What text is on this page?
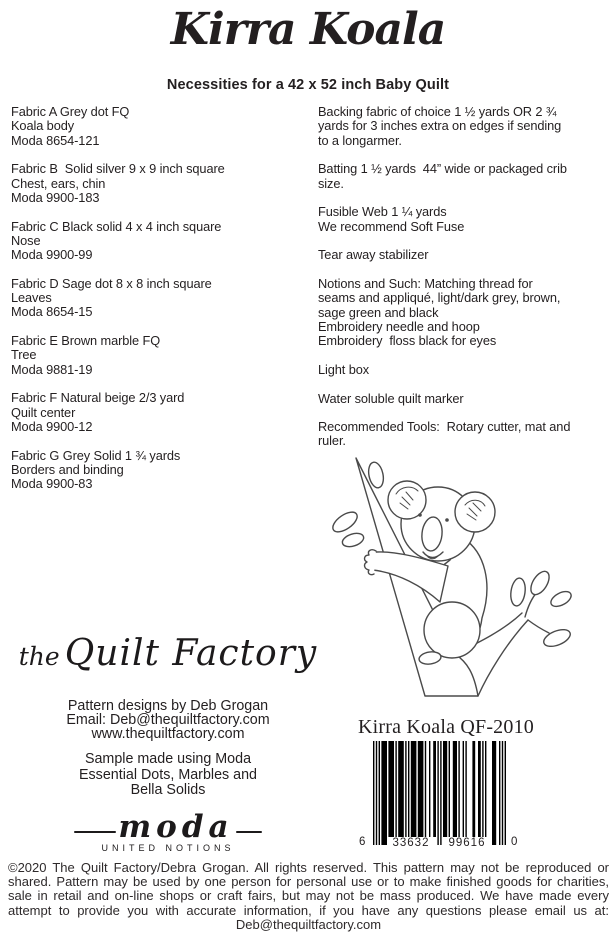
Kirra Koala
Necessities for a 42 x 52 inch Baby Quilt
Fabric A Grey dot FQ
Koala body
Moda 8654-121
Fabric B  Solid silver 9 x 9 inch square
Chest, ears, chin
Moda 9900-183
Fabric C Black solid 4 x 4 inch square
Nose
Moda 9900-99
Fabric D Sage dot 8 x 8 inch square
Leaves
Moda 8654-15
Fabric E Brown marble FQ
Tree
Moda 9881-19
Fabric F Natural beige 2/3 yard
Quilt center
Moda 9900-12
Fabric G Grey Solid 1 ¾ yards
Borders and binding
Moda 9900-83
Backing fabric of choice 1 ½ yards OR 2 ¾
yards for 3 inches extra on edges if sending
to a longarmer.
Batting 1 ½ yards  44” wide or packaged crib
size.
Fusible Web 1 ¼ yards
We recommend Soft Fuse
Tear away stabilizer
Notions and Such: Matching thread for
seams and appliqué, light/dark grey, brown,
sage green and black
Embroidery needle and hoop
Embroidery  floss black for eyes
Light box
Water soluble quilt marker
Recommended Tools:  Rotary cutter, mat and
ruler.
Kirra Koala QF-2010
6	33632	99616	0
the Quilt Factory
Pattern designs by Deb Grogan
Email: Deb@thequiltfactory.com
www.thequiltfactory.com
Sample made using Moda
Essential Dots, Marbles and
Bella Solids
moda
UNITED NOTIONS
©2020 The Quilt Factory/Debra Grogan. All rights reserved. This pattern may not be reproduced or
shared. Pattern may be used by one person for personal use or to make finished goods for charities,
sale in retail and on-line shops or craft fairs, but may not be mass produced. We have made every
attempt to provide you with accurate information, if you have any questions please email us at:
Deb@thequiltfactory.com
